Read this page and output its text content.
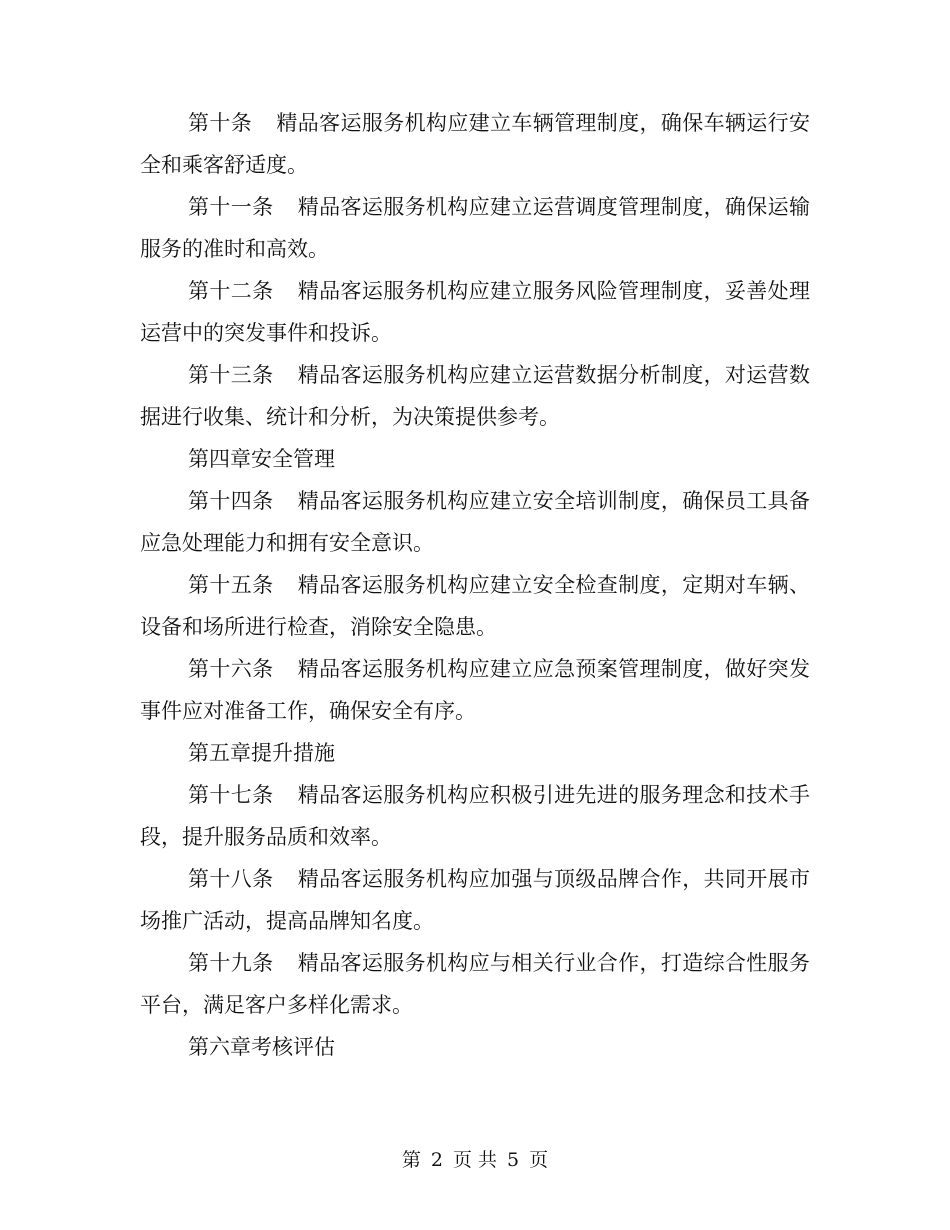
第十条 精品客运服务机构应建立车辆管理制度，确保车辆运行安全和乘客舒适度。

第十一条 精品客运服务机构应建立运营调度管理制度，确保运输服务的准时和高效。

第十二条 精品客运服务机构应建立服务风险管理制度，妥善处理运营中的突发事件和投诉。

第十三条 精品客运服务机构应建立运营数据分析制度，对运营数据进行收集、统计和分析，为决策提供参考。

第四章安全管理

第十四条 精品客运服务机构应建立安全培训制度，确保员工具备应急处理能力和拥有安全意识。

第十五条 精品客运服务机构应建立安全检查制度，定期对车辆、设备和场所进行检查，消除安全隐患。

第十六条 精品客运服务机构应建立应急预案管理制度，做好突发事件应对准备工作，确保安全有序。

第五章提升措施

第十七条 精品客运服务机构应积极引进先进的服务理念和技术手段，提升服务品质和效率。

第十八条 精品客运服务机构应加强与顶级品牌合作，共同开展市场推广活动，提高品牌知名度。

第十九条 精品客运服务机构应与相关行业合作，打造综合性服务平台，满足客户多样化需求。

第六章考核评估

第 2 页 共 5 页
